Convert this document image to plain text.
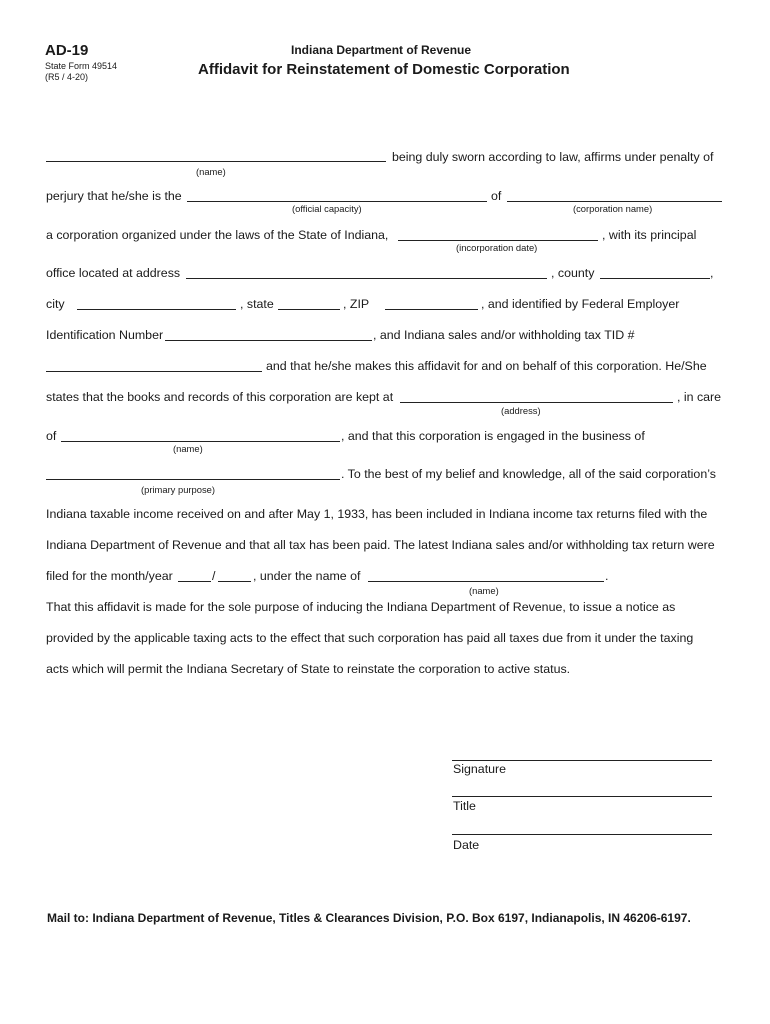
AD-19
State Form 49514
(R5 / 4-20)
Indiana Department of Revenue
Affidavit for Reinstatement of Domestic Corporation
being duly sworn according to law, affirms under penalty of
(name)
perjury that he/she is the	of
(official capacity)	(corporation name)
a corporation organized under the laws of the State of Indiana,	, with its principal
(incorporation date)
office located at address	, county	,
city	, state	, ZIP	, and identified by Federal Employer
Identification Number	, and Indiana sales and/or withholding tax TID #
and that he/she makes this affidavit for and on behalf of this corporation. He/She
states that the books and records of this corporation are kept at	, in care
(address)
of	, and that this corporation is engaged in the business of
(name)
. To the best of my belief and knowledge, all of the said corporation’s
(primary purpose)
Indiana taxable income received on and after May 1, 1933, has been included in Indiana income tax returns filed with the
Indiana Department of Revenue and that all tax has been paid. The latest Indiana sales and/or withholding tax return were
filed for the month/year	/	, under the name of	.
(name)
That this affidavit is made for the sole purpose of inducing the Indiana Department of Revenue, to issue a notice as
provided by the applicable taxing acts to the effect that such corporation has paid all taxes due from it under the taxing
acts which will permit the Indiana Secretary of State to reinstate the corporation to active status.
Signature
Title
Date
Mail to: Indiana Department of Revenue, Titles & Clearances Division, P.O. Box 6197, Indianapolis, IN 46206-6197.
